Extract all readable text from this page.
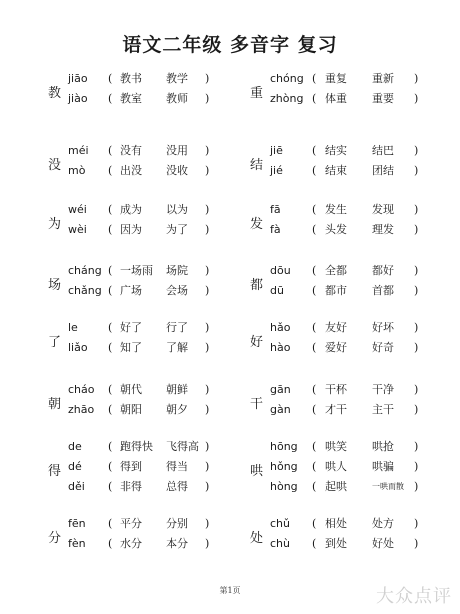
语文二年级 多音字 复习
教
jiāo ( 教书 教学 )
jiào ( 教室 教师 )
没
méi ( 没有 没用 )
mò ( 出没 没收 )
为
wéi ( 成为 以为 )
wèi ( 因为 为了 )
场
cháng ( 一场雨 场院 )
chǎng ( 广场 会场 )
了
le	( 好了 行了 )
liǎo ( 知了 了解 )
朝
cháo ( 朝代 朝鲜 )
zhāo ( 朝阳 朝夕 )
得
de ( 跑得快 飞得高 )
dé ( 得到 得当 )
děi ( 非得 总得 )
分
fēn ( 平分 分别 )
fèn ( 水分 本分 )
重
chóng ( 重复 重新 )
zhòng ( 体重 重要 )
结
jiē	( 结实 结巴 )
jié	( 结束 团结 )
发
fā	( 发生 发现 )
fà	( 头发 理发 )
都
dōu ( 全都 都好 )
dū	( 都市 首都 )
好
hǎo ( 友好 好坏 )
hào ( 爱好 好奇 )
干
gān ( 干杯 干净 )
gàn ( 才干 主干 )
哄
hōng ( 哄笑 哄抢 )
hǒng ( 哄人 哄骗 )
hòng ( 起哄	一哄而散 )
处
chǔ ( 相处 处方 )
chù ( 到处 好处 )
第1页	大众点评
